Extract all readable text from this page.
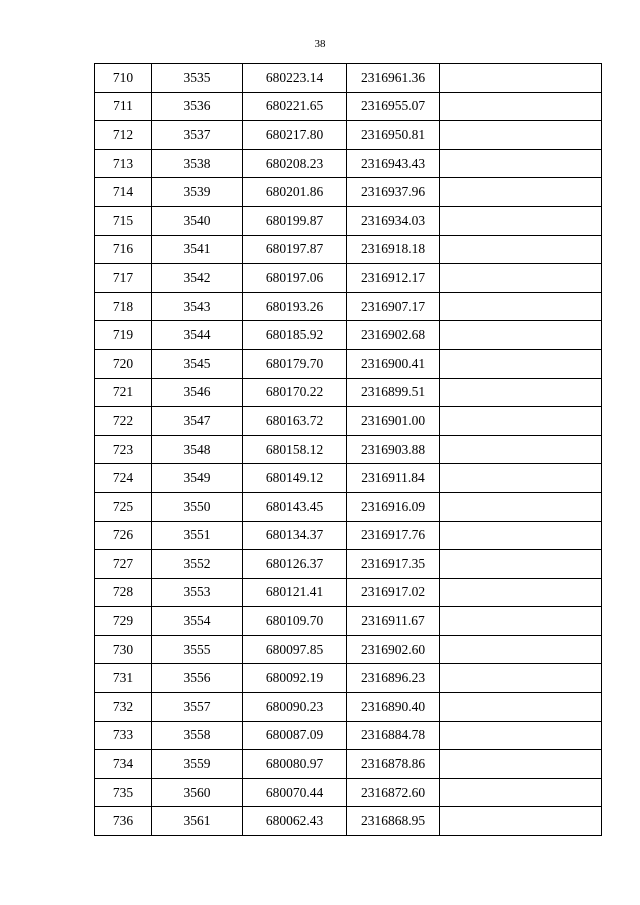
38
710	3535	680223.14	2316961.36	
711	3536	680221.65	2316955.07	
712	3537	680217.80	2316950.81	
713	3538	680208.23	2316943.43	
714	3539	680201.86	2316937.96	
715	3540	680199.87	2316934.03	
716	3541	680197.87	2316918.18	
717	3542	680197.06	2316912.17	
718	3543	680193.26	2316907.17	
719	3544	680185.92	2316902.68	
720	3545	680179.70	2316900.41	
721	3546	680170.22	2316899.51	
722	3547	680163.72	2316901.00	
723	3548	680158.12	2316903.88	
724	3549	680149.12	2316911.84	
725	3550	680143.45	2316916.09	
726	3551	680134.37	2316917.76	
727	3552	680126.37	2316917.35	
728	3553	680121.41	2316917.02	
729	3554	680109.70	2316911.67	
730	3555	680097.85	2316902.60	
731	3556	680092.19	2316896.23	
732	3557	680090.23	2316890.40	
733	3558	680087.09	2316884.78	
734	3559	680080.97	2316878.86	
735	3560	680070.44	2316872.60	
736	3561	680062.43	2316868.95	
